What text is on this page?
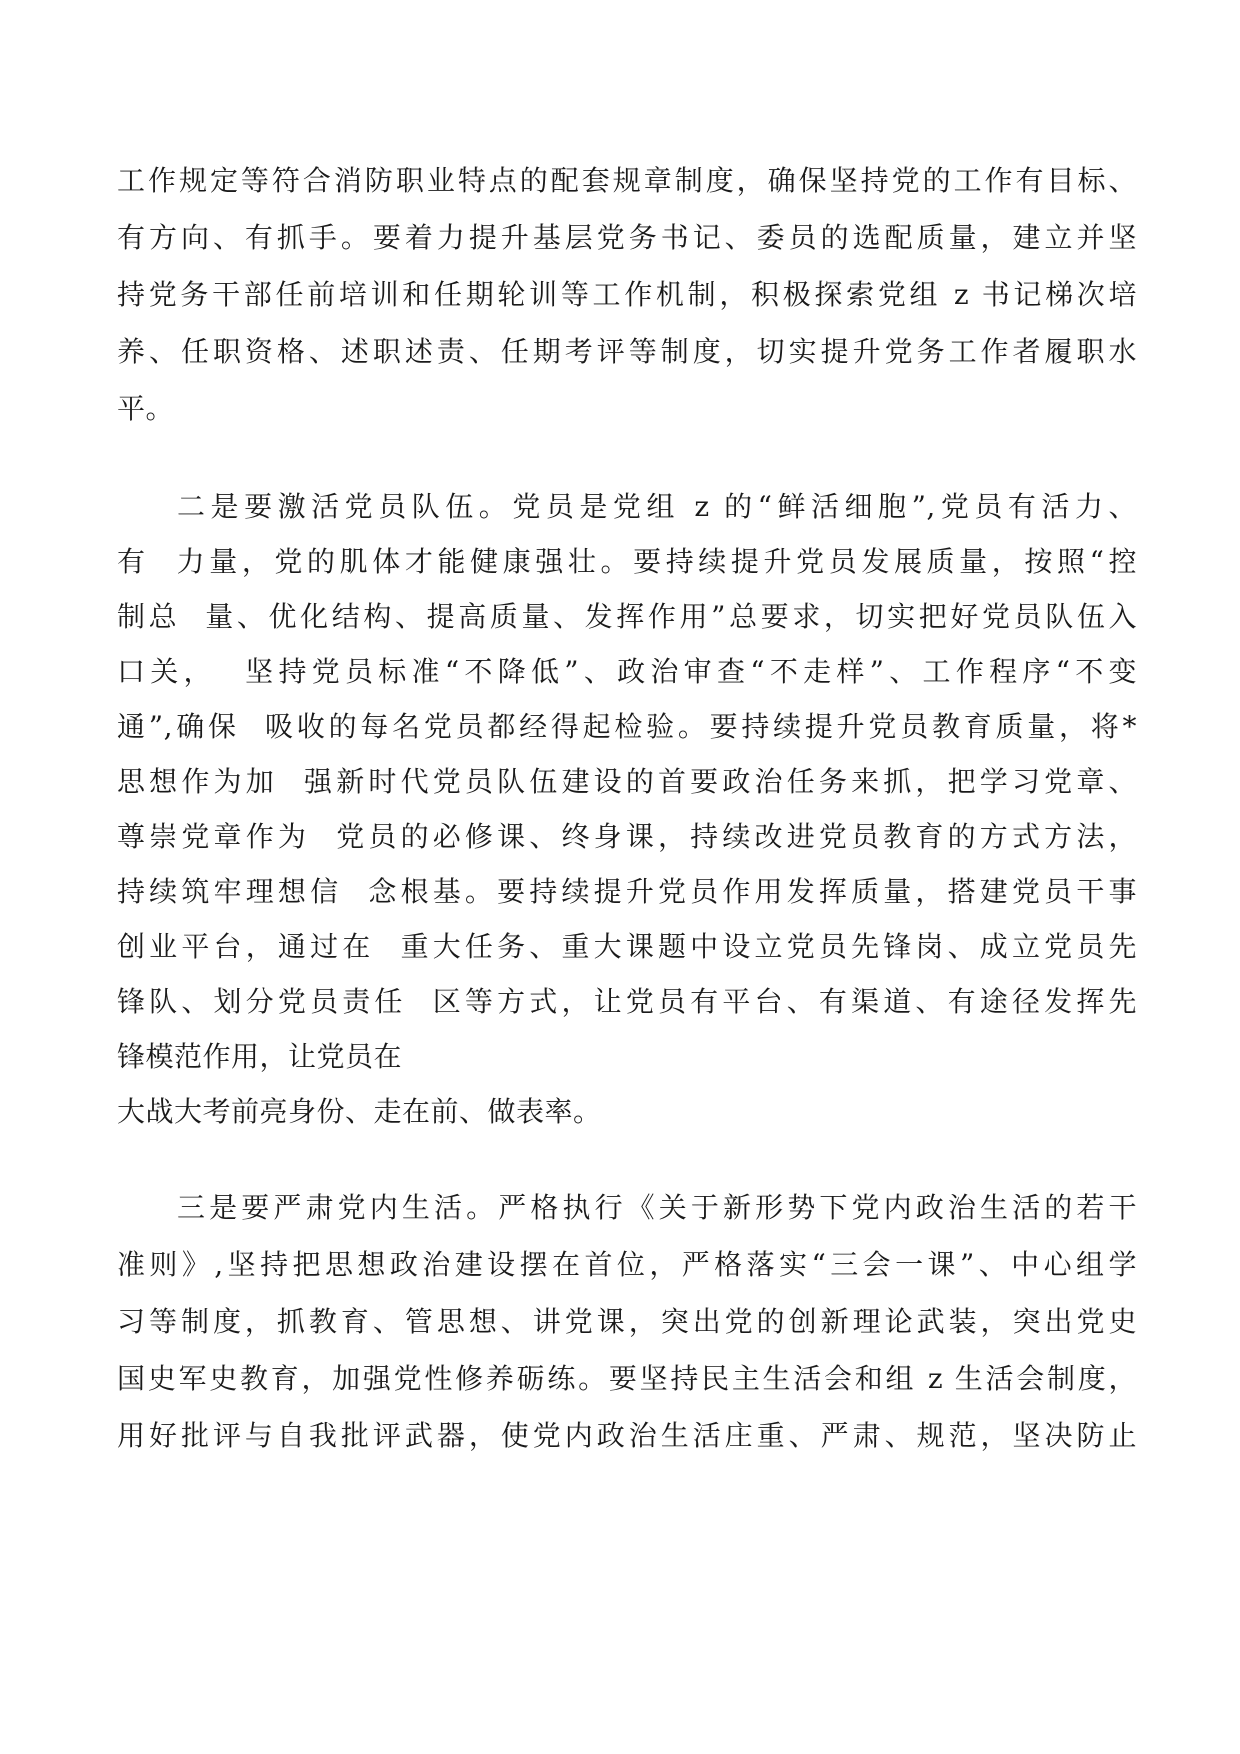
工作规定等符合消防职业特点的配套规章制度，确保坚持党的工作有目标、
有方向、有抓手。要着力提升基层党务书记、委员的选配质量，建立并坚
持党务干部任前培训和任期轮训等工作机制，积极探索党组 z 书记梯次培
养、任职资格、述职述责、任期考评等制度，切实提升党务工作者履职水
平。
二是要激活党员队伍。党员是党组 z 的“鲜活细胞”,党员有活力、
有  力量，党的肌体才能健康强壮。要持续提升党员发展质量，按照“控
制总  量、优化结构、提高质量、发挥作用”总要求，切实把好党员队伍入
口关，  坚持党员标准“不降低”、政治审查“不走样”、工作程序“不变
通”,确保  吸收的每名党员都经得起检验。要持续提升党员教育质量，将*
思想作为加  强新时代党员队伍建设的首要政治任务来抓，把学习党章、
尊崇党章作为  党员的必修课、终身课，持续改进党员教育的方式方法，
持续筑牢理想信  念根基。要持续提升党员作用发挥质量，搭建党员干事
创业平台，通过在  重大任务、重大课题中设立党员先锋岗、成立党员先
锋队、划分党员责任  区等方式，让党员有平台、有渠道、有途径发挥先
锋模范作用，让党员在
大战大考前亮身份、走在前、做表率。
三是要严肃党内生活。严格执行《关于新形势下党内政治生活的若干
准则》,坚持把思想政治建设摆在首位，严格落实“三会一课”、中心组学
习等制度，抓教育、管思想、讲党课，突出党的创新理论武装，突出党史
国史军史教育，加强党性修养砺练。要坚持民主生活会和组 z 生活会制度，
用好批评与自我批评武器，使党内政治生活庄重、严肃、规范，坚决防止
